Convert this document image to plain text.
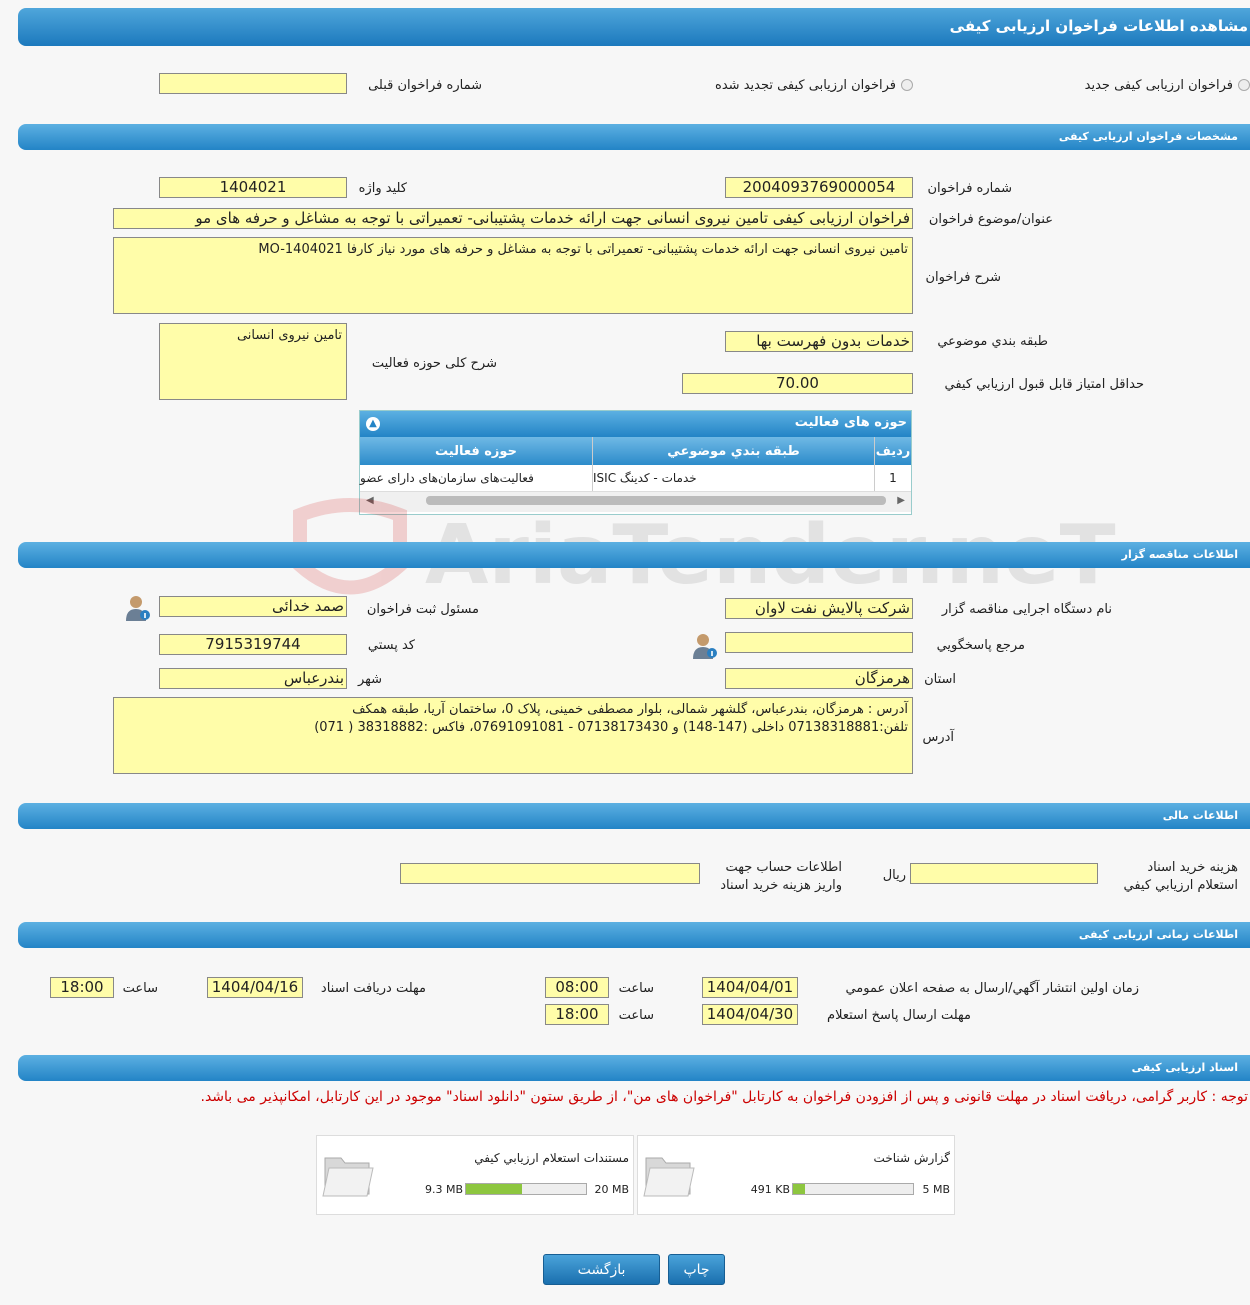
مشاهده اطلاعات فراخوان ارزیابی کیفی
فراخوان ارزیابی کیفی جدید
فراخوان ارزیابی کیفی تجدید شده
شماره فراخوان قبلی
مشخصات فراخوان ارزیابی کیفی
شماره فراخوان
2004093769000054
کلید واژه
1404021
عنوان/موضوع فراخوان
فراخوان ارزیابی کیفی تامین نیروی انسانی جهت ارائه خدمات پشتیبانی- تعمیراتی با توجه به مشاغل و حرفه های مو
شرح فراخوان
تامین نیروی انسانی جهت ارائه خدمات پشتیبانی- تعمیراتی با توجه به مشاغل و حرفه های مورد نیاز کارفا MO-1404021
طبقه بندي موضوعي
خدمات بدون فهرست بها
شرح کلی حوزه فعالیت
تامین نیروی انسانی
حداقل امتياز قابل قبول ارزيابي کيفي
70.00
حوزه های فعالیت
▲
ردیف
طبقه بندي موضوعي
حوزه فعالیت
1
خدمات - کدینگ ISIC
فعالیت‌های سازمان‌های دارای عضو
◀	▶
اطلاعات مناقصه گزار
نام دستگاه اجرایی مناقصه گزار
شرکت پالایش نفت لاوان
مسئول ثبت فراخوان
صمد خدائی
مرجع پاسخگويي
کد پستي
7915319744
استان
هرمزگان
شهر
بندرعباس
آدرس
آدرس : هرمزگان، بندرعباس، گلشهر شمالی، بلوار مصطفی خمینی، پلاک 0، ساختمان آریا، طبقه همکف
تلفن:07138318881 داخلی (147-148) و 07138173430 - 07691091081، فاکس :38318882 ( 071)
اطلاعات مالی
هزینه خرید اسناد
استعلام ارزيابي کيفي
ريال
اطلاعات حساب جهت
واریز هزینه خرید اسناد
اطلاعات زمانی ارزیابی کیفی
زمان اولين انتشار آگهي/ارسال به صفحه اعلان عمومي
1404/04/01
ساعت
08:00
مهلت دريافت اسناد
1404/04/16
ساعت
18:00
مهلت ارسال پاسخ استعلام
1404/04/30
ساعت
18:00
اسناد ارزیابی کیفی
توجه : کاربر گرامی، دریافت اسناد در مهلت قانونی و پس از افزودن فراخوان به کارتابل "فراخوان های من"، از طریق ستون "دانلود اسناد" موجود در این کارتابل، امکانپذیر می باشد.
گزارش شناخت
5 MB
491 KB
مستندات استعلام ارزيابي کيفي
20 MB
9.3 MB
چاپ
بازگشت
